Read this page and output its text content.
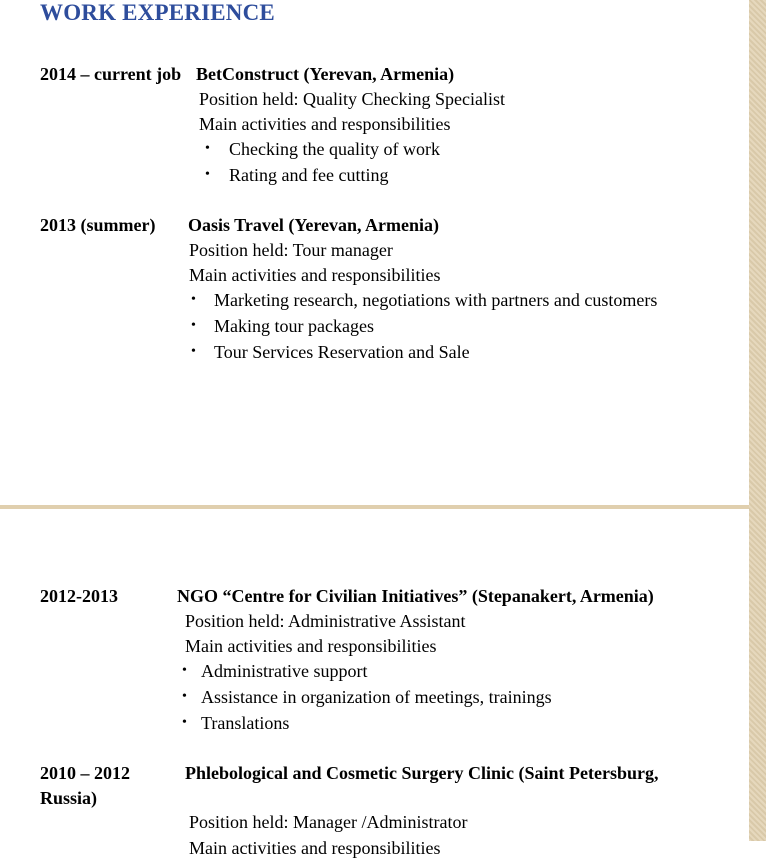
WORK EXPERIENCE
2014 – current job BetConstruct (Yerevan, Armenia)
Position held: Quality Checking Specialist
Main activities and responsibilities
• Checking the quality of work
• Rating and fee cutting
2013 (summer) Oasis Travel (Yerevan, Armenia)
Position held: Tour manager
Main activities and responsibilities
• Marketing research, negotiations with partners and customers
• Making tour packages
• Tour Services Reservation and Sale
2012-2013	NGO “Centre for Civilian Initiatives” (Stepanakert, Armenia)
Position held: Administrative Assistant
Main activities and responsibilities
• Administrative support
• Assistance in organization of meetings, trainings
• Translations
2010 – 2012	Phlebological and Cosmetic Surgery Clinic (Saint Petersburg,
Russia)
Position held: Manager /Administrator
Main activities and responsibilities
